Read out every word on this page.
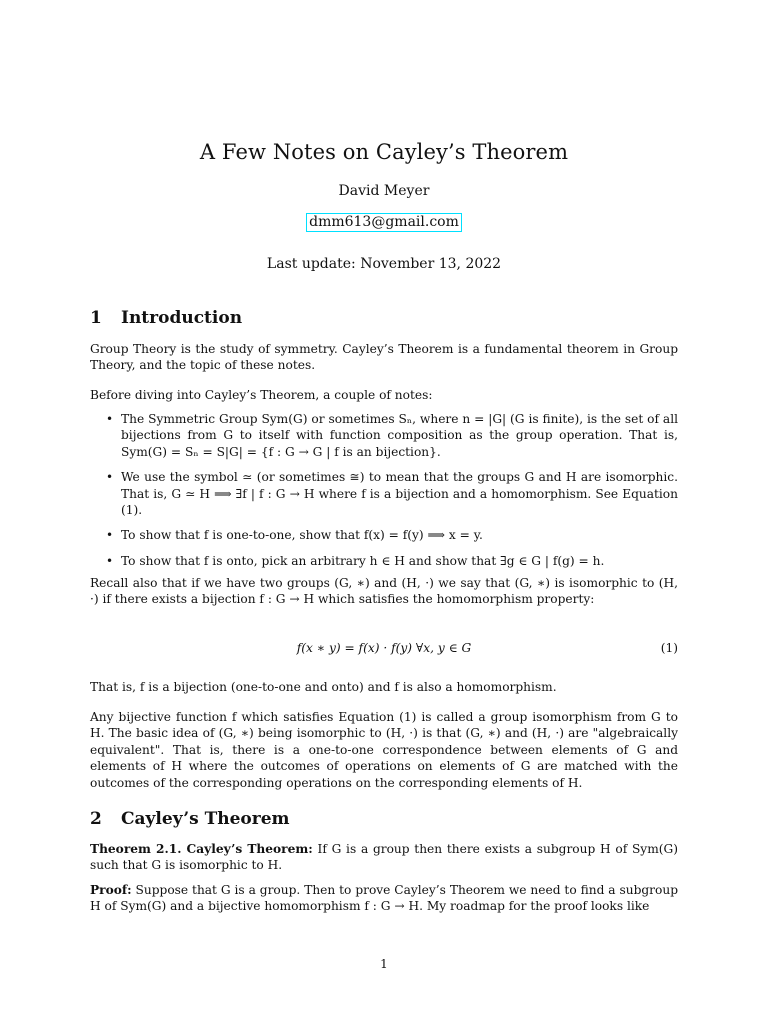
A Few Notes on Cayley’s Theorem
David Meyer
dmm613@gmail.com
Last update: November 13, 2022
1 Introduction
Group Theory is the study of symmetry. Cayley’s Theorem is a fundamental theorem in Group Theory, and the topic of these notes.
Before diving into Cayley’s Theorem, a couple of notes:
• The Symmetric Group Sym(G) or sometimes Sₙ, where n = |G| (G is finite), is the set of all bijections from G to itself with function composition as the group operation. That is, Sym(G) = Sₙ = S|G| = {f : G → G | f is an bijection}.
• We use the symbol ≃ (or sometimes ≅) to mean that the groups G and H are isomorphic. That is, G ≃ H ⟹ ∃f | f : G → H where f is a bijection and a homomorphism. See Equation (1).
• To show that f is one-to-one, show that f(x) = f(y) ⟹ x = y.
• To show that f is onto, pick an arbitrary h ∈ H and show that ∃g ∈ G | f(g) = h.
Recall also that if we have two groups (G, ∗) and (H, ·) we say that (G, ∗) is isomorphic to (H, ·) if there exists a bijection f : G → H which satisfies the homomorphism property:
f(x ∗ y) = f(x) · f(y) ∀x, y ∈ G	(1)
That is, f is a bijection (one-to-one and onto) and f is also a homomorphism.
Any bijective function f which satisfies Equation (1) is called a group isomorphism from G to H. The basic idea of (G, ∗) being isomorphic to (H, ·) is that (G, ∗) and (H, ·) are "algebraically equivalent". That is, there is a one-to-one correspondence between elements of G and elements of H where the outcomes of operations on elements of G are matched with the outcomes of the corresponding operations on the corresponding elements of H.
2 Cayley’s Theorem
Theorem 2.1. Cayley’s Theorem: If G is a group then there exists a subgroup H of Sym(G) such that G is isomorphic to H.
Proof: Suppose that G is a group. Then to prove Cayley’s Theorem we need to find a subgroup H of Sym(G) and a bijective homomorphism f : G → H. My roadmap for the proof looks like
1
